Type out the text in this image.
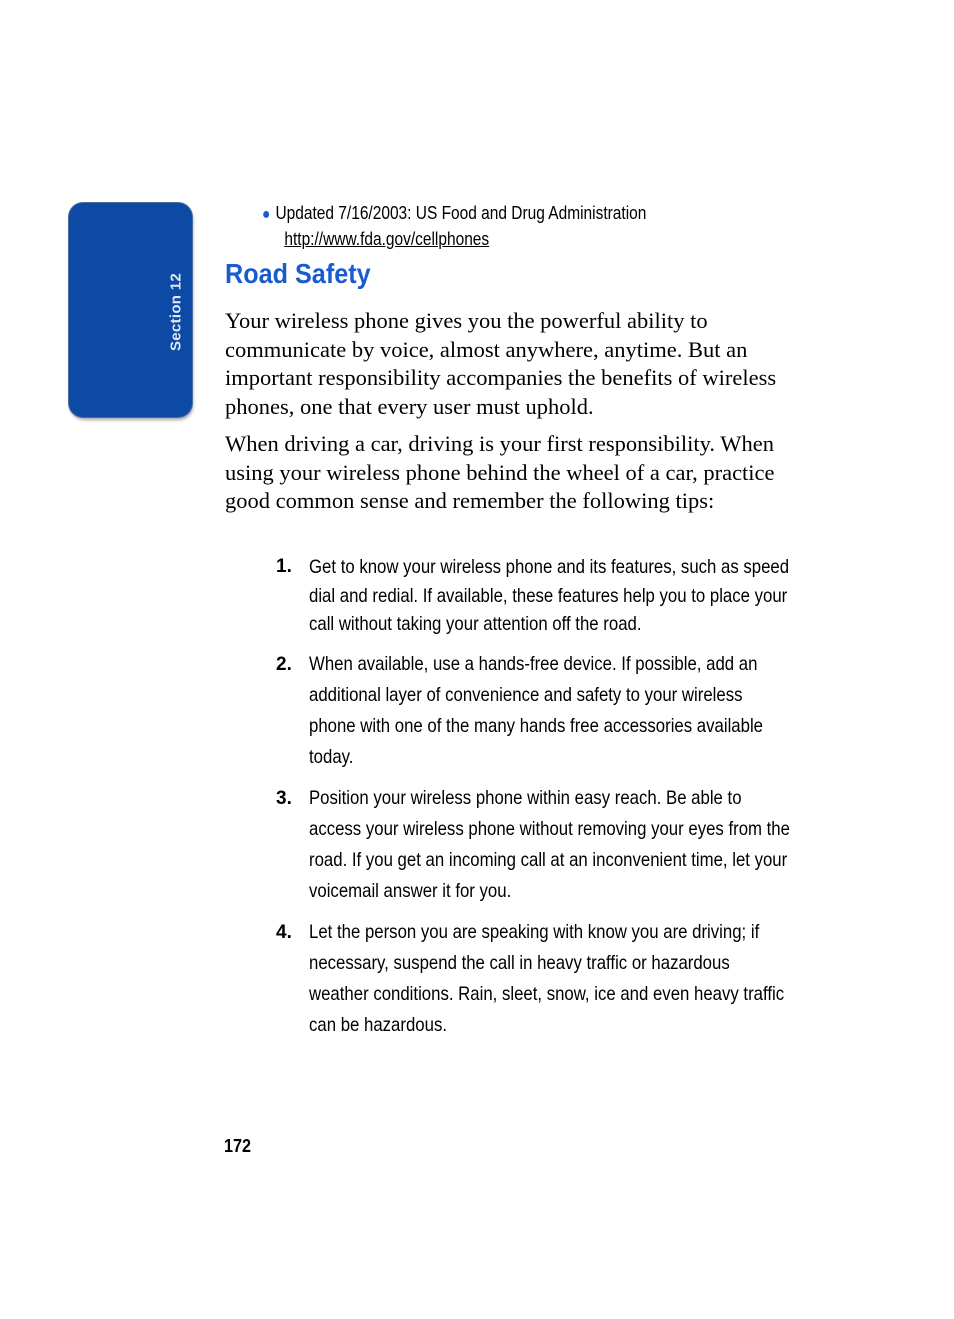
Section 12
● Updated 7/16/2003: US Food and Drug Administration
http://www.fda.gov/cellphones
Road Safety

Your wireless phone gives you the powerful ability to communicate by voice, almost anywhere, anytime. But an important responsibility accompanies the benefits of wireless phones, one that every user must uphold.

When driving a car, driving is your first responsibility. When using your wireless phone behind the wheel of a car, practice good common sense and remember the following tips:

1. Get to know your wireless phone and its features, such as speed dial and redial. If available, these features help you to place your call without taking your attention off the road.
2. When available, use a hands-free device. If possible, add an additional layer of convenience and safety to your wireless phone with one of the many hands free accessories available today.
3. Position your wireless phone within easy reach. Be able to access your wireless phone without removing your eyes from the road. If you get an incoming call at an inconvenient time, let your voicemail answer it for you.
4. Let the person you are speaking with know you are driving; if necessary, suspend the call in heavy traffic or hazardous weather conditions. Rain, sleet, snow, ice and even heavy traffic can be hazardous.
172
